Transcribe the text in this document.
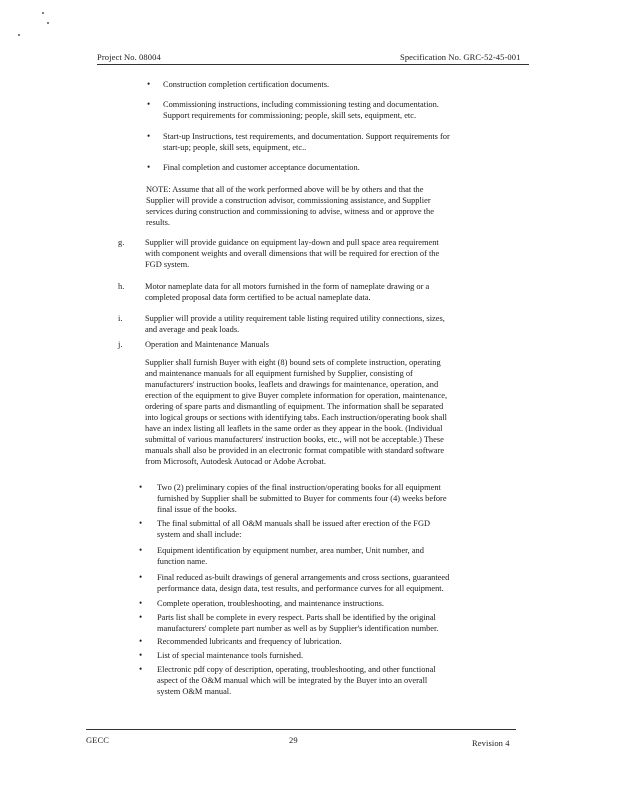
Project No. 08004	Specification No. GRC-52-45-001
• Construction completion certification documents.
• Commissioning instructions, including commissioning testing and documentation.
Support requirements for commissioning; people, skill sets, equipment, etc.
• Start-up Instructions, test requirements, and documentation. Support requirements for
start-up; people, skill sets, equipment, etc..
• Final completion and customer acceptance documentation.
NOTE: Assume that all of the work performed above will be by others and that the
Supplier will provide a construction advisor, commissioning assistance, and Supplier
services during construction and commissioning to advise, witness and or approve the
results.
g. Supplier will provide guidance on equipment lay-down and pull space area requirement
with component weights and overall dimensions that will be required for erection of the
FGD system.
h. Motor nameplate data for all motors furnished in the form of nameplate drawing or a
completed proposal data form certified to be actual nameplate data.
i.	Supplier will provide a utility requirement table listing required utility connections, sizes,
and average and peak loads.
j.	Operation and Maintenance Manuals
Supplier shall furnish Buyer with eight (8) bound sets of complete instruction, operating
and maintenance manuals for all equipment furnished by Supplier, consisting of
manufacturers' instruction books, leaflets and drawings for maintenance, operation, and
erection of the equipment to give Buyer complete information for operation, maintenance,
ordering of spare parts and dismantling of equipment. The information shall be separated
into logical groups or sections with identifying tabs. Each instruction/operating book shall
have an index listing all leaflets in the same order as they appear in the book. (Individual
submittal of various manufacturers' instruction books, etc., will not be acceptable.) These
manuals shall also be provided in an electronic format compatible with standard software
from Microsoft, Autodesk Autocad or Adobe Acrobat.
• Two (2) preliminary copies of the final instruction/operating books for all equipment
furnished by Supplier shall be submitted to Buyer for comments four (4) weeks before
final issue of the books.
• The final submittal of all O&M manuals shall be issued after erection of the FGD
system and shall include:
• Equipment identification by equipment number, area number, Unit number, and
function name.
• Final reduced as-built drawings of general arrangements and cross sections, guaranteed
performance data, design data, test results, and performance curves for all equipment.
• Complete operation, troubleshooting, and maintenance instructions.
• Parts list shall be complete in every respect. Parts shall be identified by the original
manufacturers' complete part number as well as by Supplier's identification number.
• Recommended lubricants and frequency of lubrication.
• List of special maintenance tools furnished.
• Electronic pdf copy of description, operating, troubleshooting, and other functional
aspect of the O&M manual which will be integrated by the Buyer into an overall
system O&M manual.
GECC	29	Revision 4
